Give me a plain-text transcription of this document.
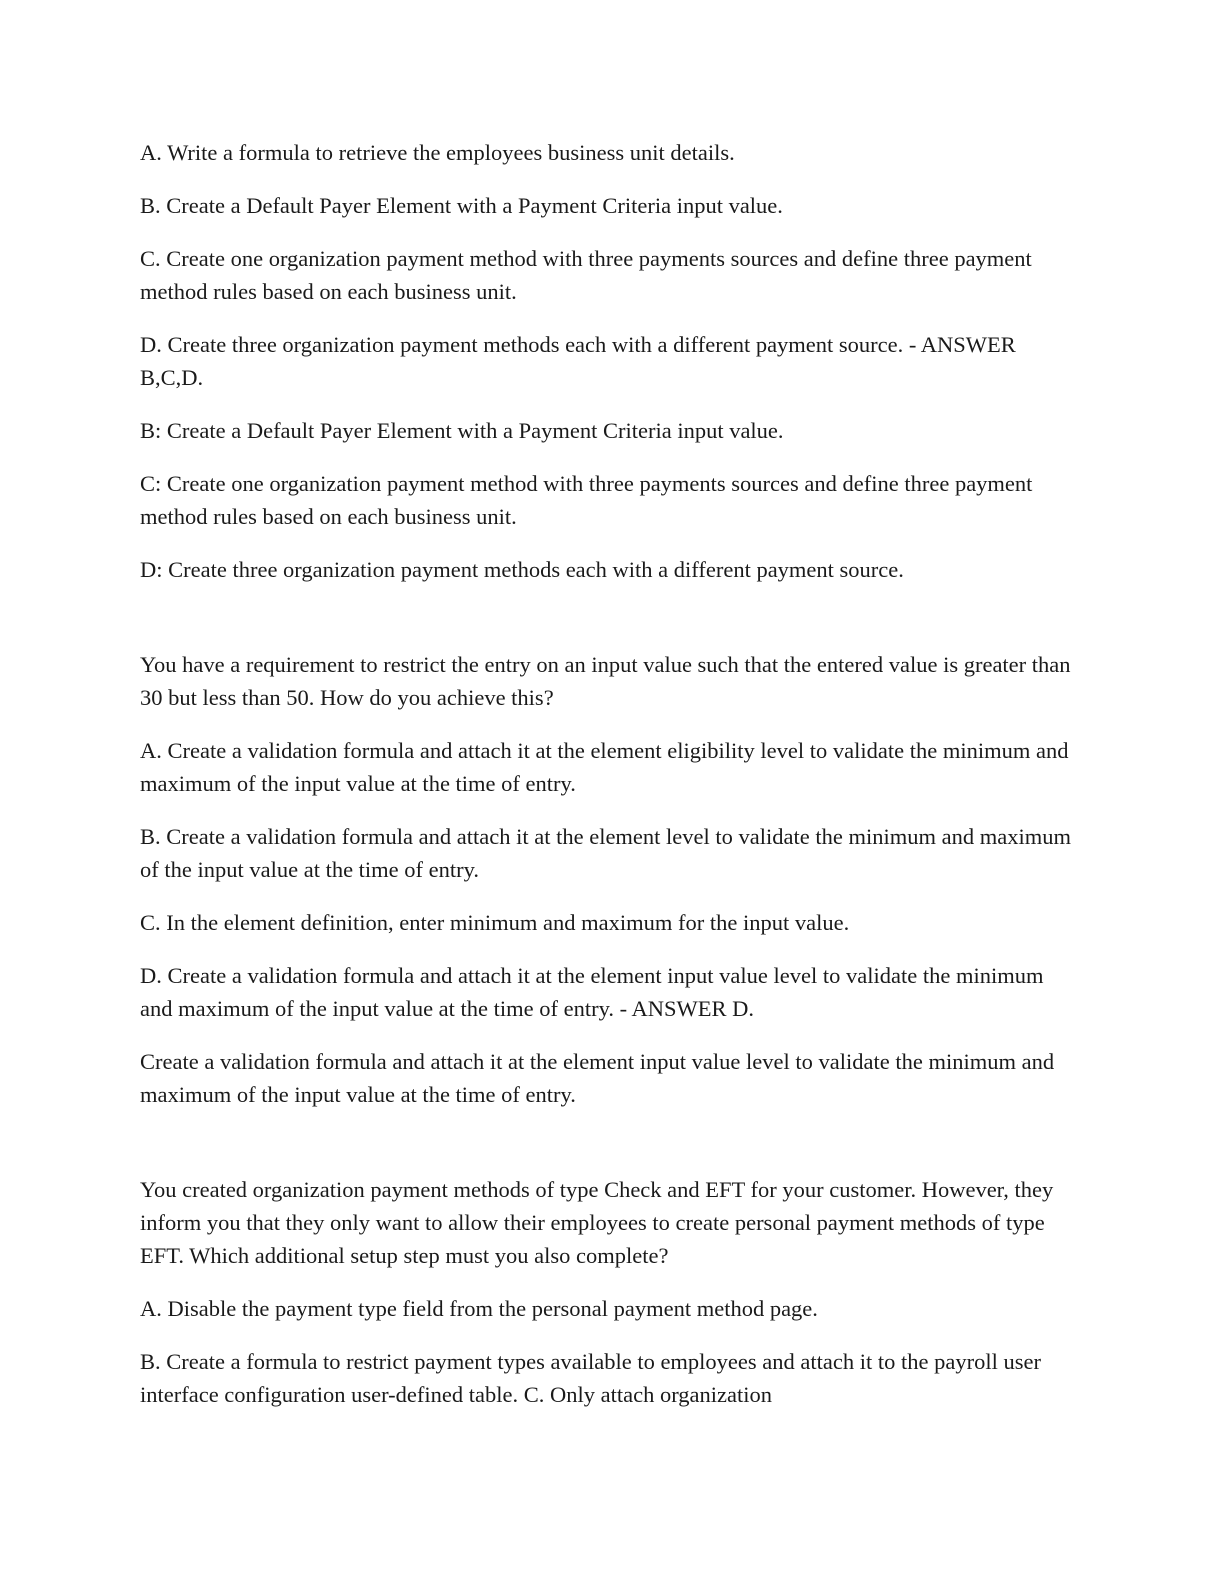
A. Write a formula to retrieve the employees business unit details.

B. Create a Default Payer Element with a Payment Criteria input value.

C. Create one organization payment method with three payments sources and define three payment method rules based on each business unit.

D. Create three organization payment methods each with a different payment source. - ANSWER B,C,D.

B: Create a Default Payer Element with a Payment Criteria input value.

C: Create one organization payment method with three payments sources and define three payment method rules based on each business unit.

D: Create three organization payment methods each with a different payment source.

You have a requirement to restrict the entry on an input value such that the entered value is greater than 30 but less than 50. How do you achieve this?

A. Create a validation formula and attach it at the element eligibility level to validate the minimum and maximum of the input value at the time of entry.

B. Create a validation formula and attach it at the element level to validate the minimum and maximum of the input value at the time of entry.

C. In the element definition, enter minimum and maximum for the input value.

D. Create a validation formula and attach it at the element input value level to validate the minimum and maximum of the input value at the time of entry. - ANSWER D.

Create a validation formula and attach it at the element input value level to validate the minimum and maximum of the input value at the time of entry.

You created organization payment methods of type Check and EFT for your customer. However, they inform you that they only want to allow their employees to create personal payment methods of type EFT. Which additional setup step must you also complete?

A. Disable the payment type field from the personal payment method page.

B. Create a formula to restrict payment types available to employees and attach it to the payroll user interface configuration user-defined table. C. Only attach organization
